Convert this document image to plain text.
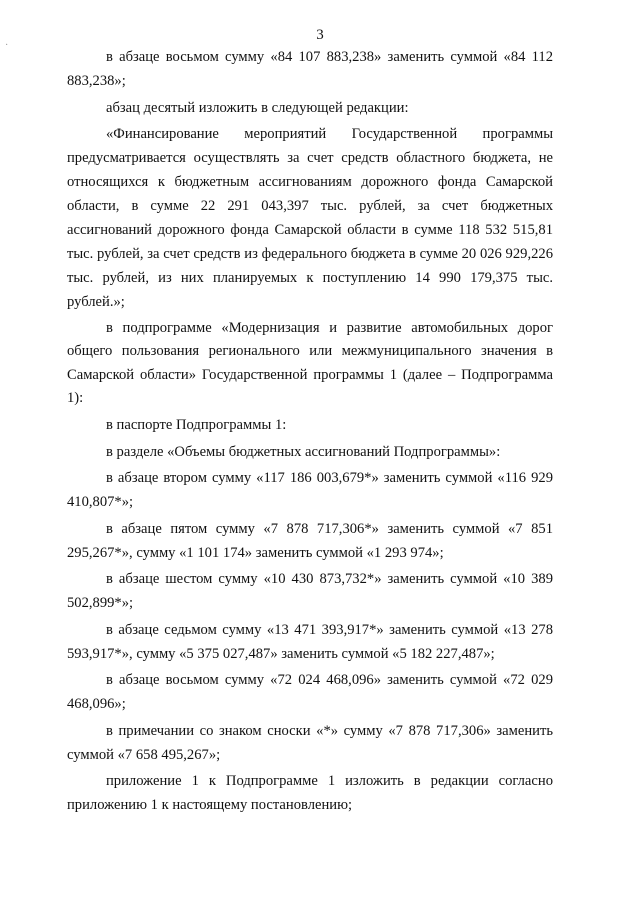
·
3

в абзаце восьмом сумму «84 107 883,238» заменить суммой «84 112 883,238»;

абзац десятый изложить в следующей редакции:

«Финансирование мероприятий Государственной программы предусматривается осуществлять за счет средств областного бюджета, не относящихся к бюджетным ассигнованиям дорожного фонда Самарской области, в сумме 22 291 043,397 тыс. рублей, за счет бюджетных ассигнований дорожного фонда Самарской области в сумме 118 532 515,81 тыс. рублей, за счет средств из федерального бюджета в сумме 20 026 929,226 тыс. рублей, из них планируемых к поступлению 14 990 179,375 тыс. рублей.»;

в подпрограмме «Модернизация и развитие автомобильных дорог общего пользования регионального или межмуниципального значения в Самарской области» Государственной программы 1 (далее – Подпрограмма 1):

в паспорте Подпрограммы 1:

в разделе «Объемы бюджетных ассигнований Подпрограммы»:

в абзаце втором сумму «117 186 003,679*» заменить суммой «116 929 410,807*»;

в абзаце пятом сумму «7 878 717,306*» заменить суммой «7 851 295,267*», сумму «1 101 174» заменить суммой «1 293 974»;

в абзаце шестом сумму «10 430 873,732*» заменить суммой «10 389 502,899*»;

в абзаце седьмом сумму «13 471 393,917*» заменить суммой «13 278 593,917*», сумму «5 375 027,487» заменить суммой «5 182 227,487»;

в абзаце восьмом сумму «72 024 468,096» заменить суммой «72 029 468,096»;

в примечании со знаком сноски «*» сумму «7 878 717,306» заменить суммой «7 658 495,267»;

приложение 1 к Подпрограмме 1 изложить в редакции согласно приложению 1 к настоящему постановлению;
